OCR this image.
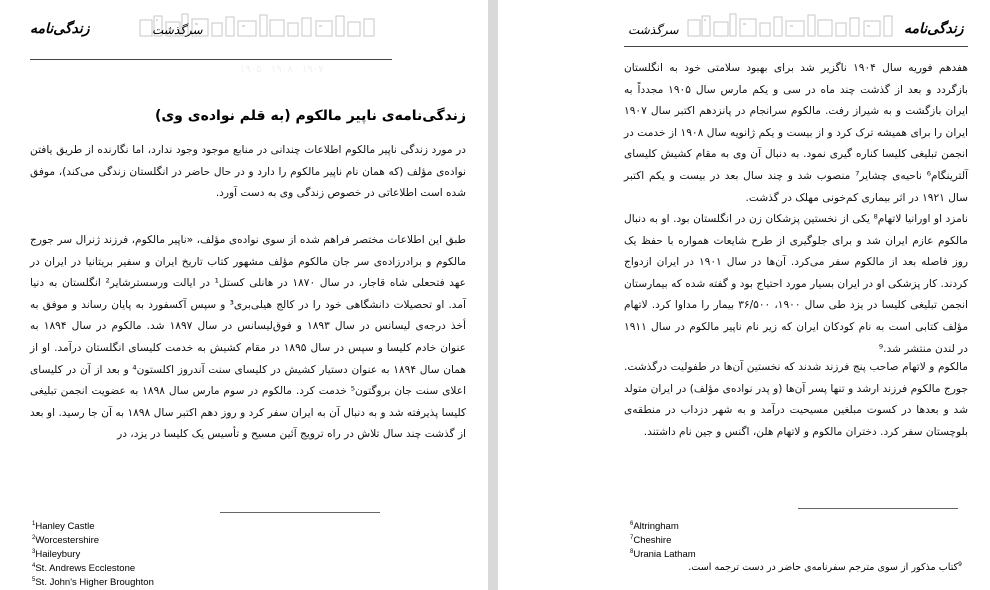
زندگی‌نامه	سرگذشت
۱۹۰۷ · ۱۹۰۸ · ۱۹۰۵
زندگی‌نامه‌ی ناپیر مالکوم (به قلم نواده‌ی وی)

در مورد زندگی ناپیر مالکوم اطلاعات چندانی در منابع موجود وجود ندارد، اما نگارنده از طریق یافتن نواده‌ی مؤلف (که همان نام ناپیر مالکوم را دارد و در حال حاضر در انگلستان زندگی می‌کند)، موفق شده است اطلاعاتی در خصوص زندگی وی به دست آورد.

طبق این اطلاعات مختصر فراهم شده از سوی نواده‌ی مؤلف، «ناپیر مالکوم، فرزند ژنرال سر جورج مالکوم و برادرزاده‌ی سر جان مالکوم مؤلف مشهور کتاب تاریخ ایران و سفیر بریتانیا در ایران در عهد فتحعلی شاه قاجار، در سال ۱۸۷۰ در هانلی کستل¹ در ایالت ورسسترشایر² انگلستان به دنیا آمد. او تحصیلات دانشگاهی خود را در کالج هیلی‌بری³ و سپس آکسفورد به پایان رساند و موفق به أخذ درجه‌ی لیسانس در سال ۱۸۹۳ و فوق‌لیسانس در سال ۱۸۹۷ شد. مالکوم در سال ۱۸۹۴ به عنوان خادم کلیسا و سپس در سال ۱۸۹۵ در مقام کشیش به خدمت کلیسای انگلستان درآمد. او از همان سال ۱۸۹۴ به عنوان دستیار کشیش در کلیسای سنت آندروز اکلستون⁴ و بعد از آن در کلیسای اعلای سنت جان بروگتون⁵ خدمت کرد. مالکوم در سوم مارس سال ۱۸۹۸ به عضویت انجمن تبلیغی کلیسا پذیرفته شد و به دنبال آن به ایران سفر کرد و روز دهم اکتبر سال ۱۸۹۸ به آن جا رسید. او بعد از گذشت چند سال تلاش در راه ترویج آئین مسیح و تأسیس یک کلیسا در یزد، در

$^1$Hanley Castle
$^2$Worcestershire
$^3$Haileybury
$^4$St. Andrews Ecclestone
$^5$St. John's Higher Broughton
سرگذشت	زندگی‌نامه

هفدهم فوریه سال ۱۹۰۴ ناگزیر شد برای بهبود سلامتی خود به انگلستان بازگردد و بعد از گذشت چند ماه در سی و یکم مارس سال ۱۹۰۵ مجدداً به ایران بازگشت و به شیراز رفت. مالکوم سرانجام در پانزدهم اکتبر سال ۱۹۰۷ ایران را برای همیشه ترک کرد و از بیست و یکم ژانویه سال ۱۹۰۸ از خدمت در انجمن تبلیغی کلیسا کناره گیری نمود. به دنبال آن وی به مقام کشیش کلیسای آلترینگام⁶ ناحیه‌ی چشایر⁷ منصوب شد و چند سال بعد در بیست و یکم اکتبر سال ۱۹۲۱ در اثر بیماری کم‌خونی مهلک در گذشت.

نامزد او اورانیا لاتهام⁸ یکی از نخستین پزشکان زن در انگلستان بود. او به دنبال مالکوم عازم ایران شد و برای جلوگیری از طرح شایعات همواره با حفظ یک روز فاصله بعد از مالکوم سفر می‌کرد. آن‌ها در سال ۱۹۰۱ در ایران ازدواج کردند. کار پزشکی او در ایران بسیار مورد احتیاج بود و گفته شده که بیمارستان انجمن تبلیغی کلیسا در یزد طی سال ۱۹۰۰، ۳۶/۵۰۰ بیمار را مداوا کرد. لاتهام مؤلف کتابی است به نام کودکان ایران که زیر نام ناپیر مالکوم در سال ۱۹۱۱ در لندن منتشر شد.⁹

مالکوم و لاتهام صاحب پنج فرزند شدند که نخستین آن‌ها در طفولیت درگذشت. جورج مالکوم فرزند ارشد و تنها پسر آن‌ها (و پدر نواده‌ی مؤلف) در ایران متولد شد و بعدها در کسوت مبلغین مسیحیت درآمد و به شهر دزداب در منطقه‌ی بلوچستان سفر کرد. دختران مالکوم و لاتهام هلن، اگنس و جین نام داشتند.

$^6$Altringham
$^7$Cheshire
$^8$Urania Latham
$^9$کتاب مذکور از سوی مترجم سفرنامه‌ی حاضر در دست ترجمه است.
